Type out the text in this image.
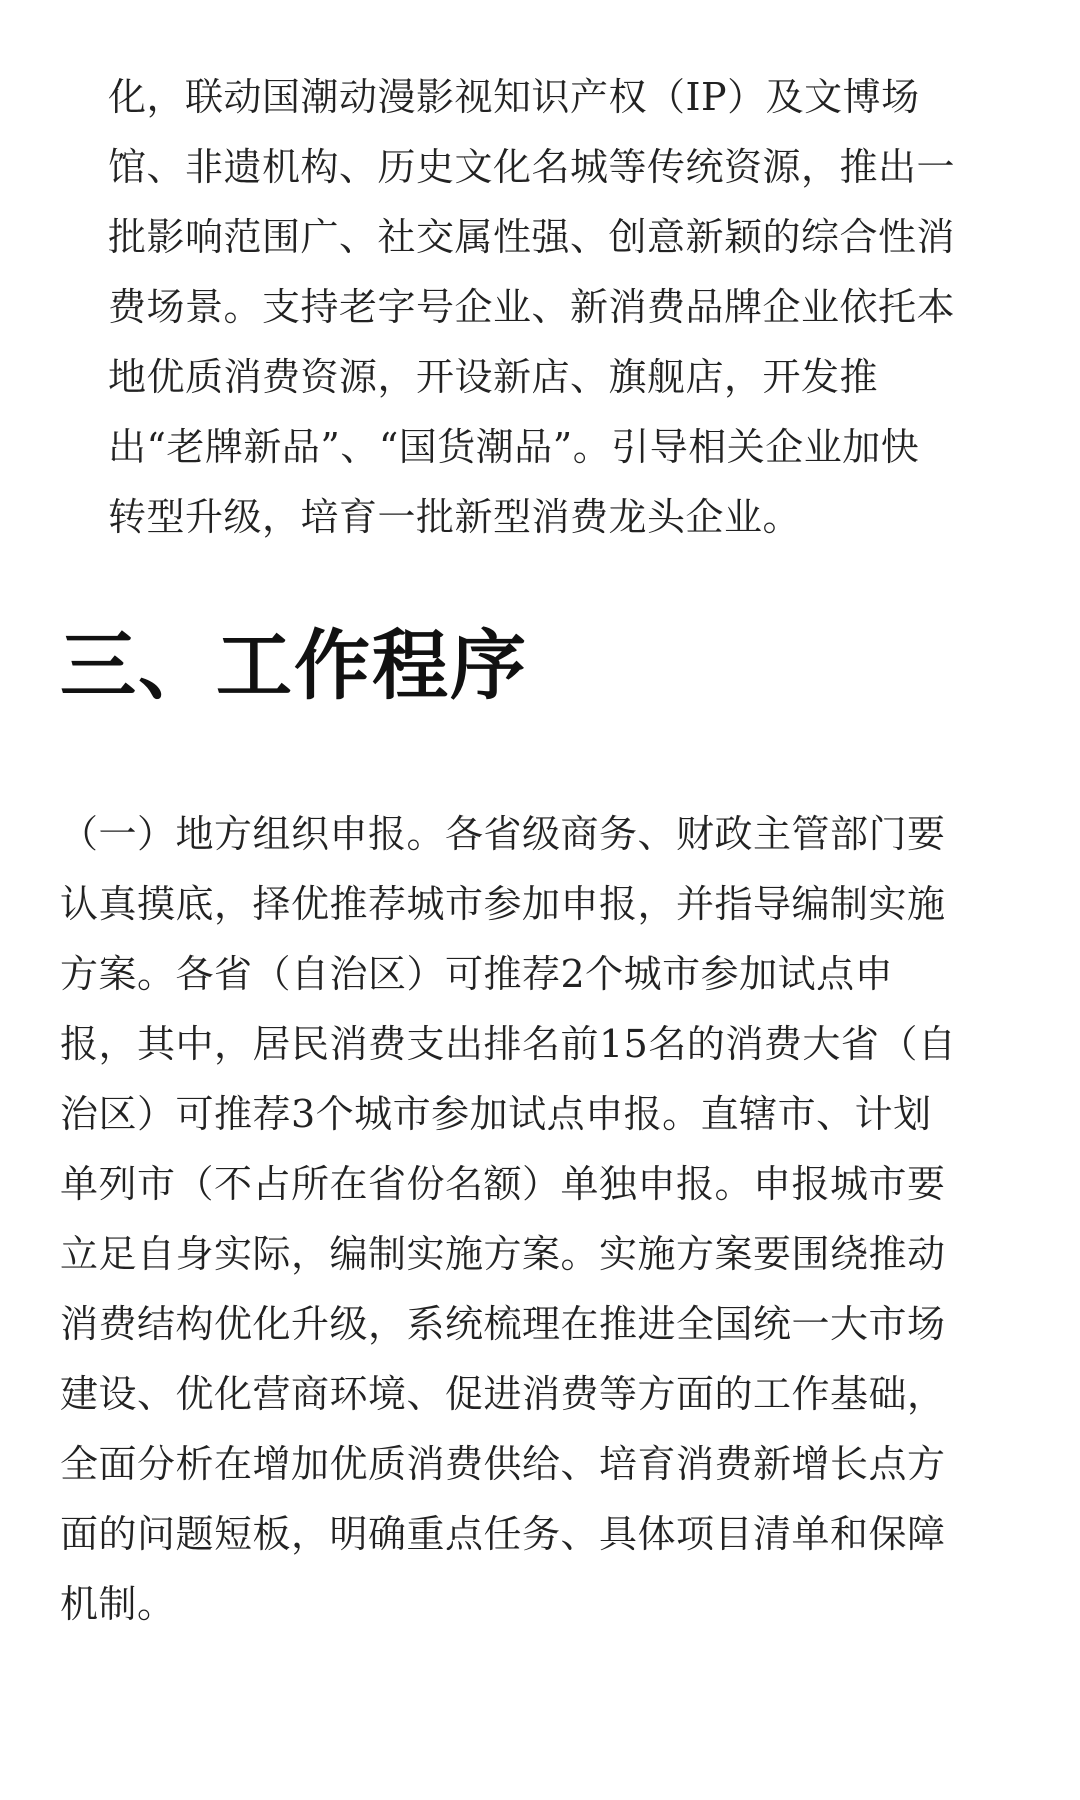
化，联动国潮动漫影视知识产权（IP）及文博场
馆、非遗机构、历史文化名城等传统资源，推出一
批影响范围广、社交属性强、创意新颖的综合性消
费场景。支持老字号企业、新消费品牌企业依托本
地优质消费资源，开设新店、旗舰店，开发推
出“老牌新品”、“国货潮品”。引导相关企业加快
转型升级，培育一批新型消费龙头企业。
三、工作程序
（一）地方组织申报。各省级商务、财政主管部门要
认真摸底，择优推荐城市参加申报，并指导编制实施
方案。各省（自治区）可推荐2个城市参加试点申
报，其中，居民消费支出排名前15名的消费大省（自
治区）可推荐3个城市参加试点申报。直辖市、计划
单列市（不占所在省份名额）单独申报。申报城市要
立足自身实际，编制实施方案。实施方案要围绕推动
消费结构优化升级，系统梳理在推进全国统一大市场
建设、优化营商环境、促进消费等方面的工作基础，
全面分析在增加优质消费供给、培育消费新增长点方
面的问题短板，明确重点任务、具体项目清单和保障
机制。
